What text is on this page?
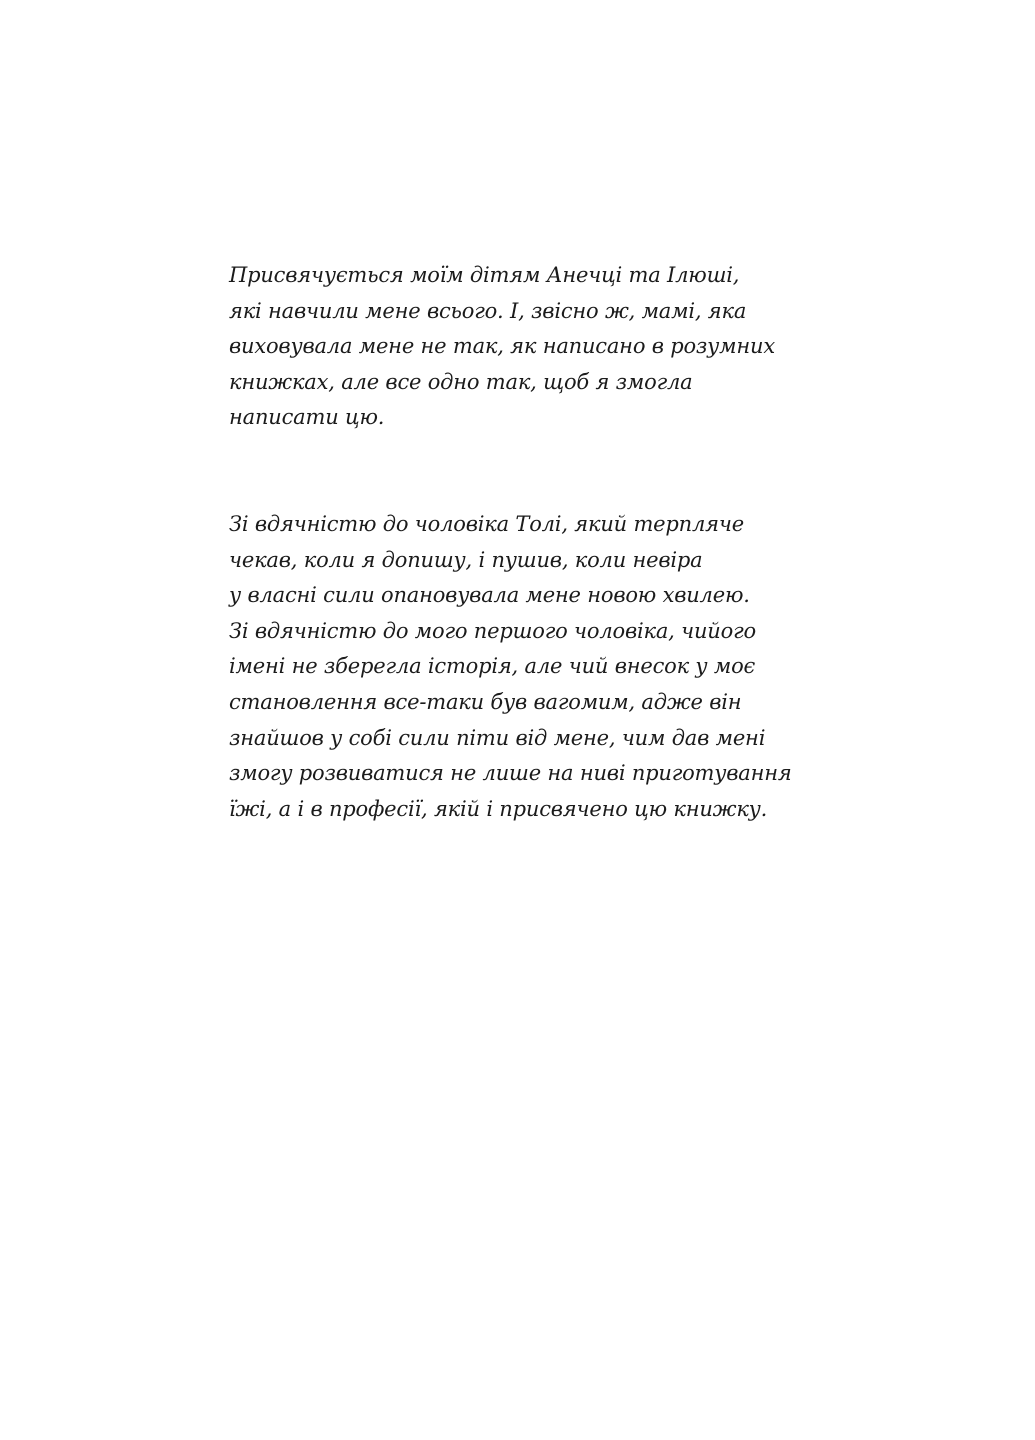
Присвячується моїм дітям Анечці та Ілюші,
які навчили мене всього. І, звісно ж, мамі, яка
виховувала мене не так, як написано в розумних
книжках, але все одно так, щоб я змогла
написати цю.
Зі вдячністю до чоловіка Толі, який терпляче
чекав, коли я допишу, і пушив, коли невіра
у власні сили опановувала мене новою хвилею.
Зі вдячністю до мого першого чоловіка, чийого
імені не зберегла історія, але чий внесок у моє
становлення все-таки був вагомим, адже він
знайшов у собі сили піти від мене, чим дав мені
змогу розвиватися не лише на ниві приготування
їжі, а і в професії, якій і присвячено цю книжку.
